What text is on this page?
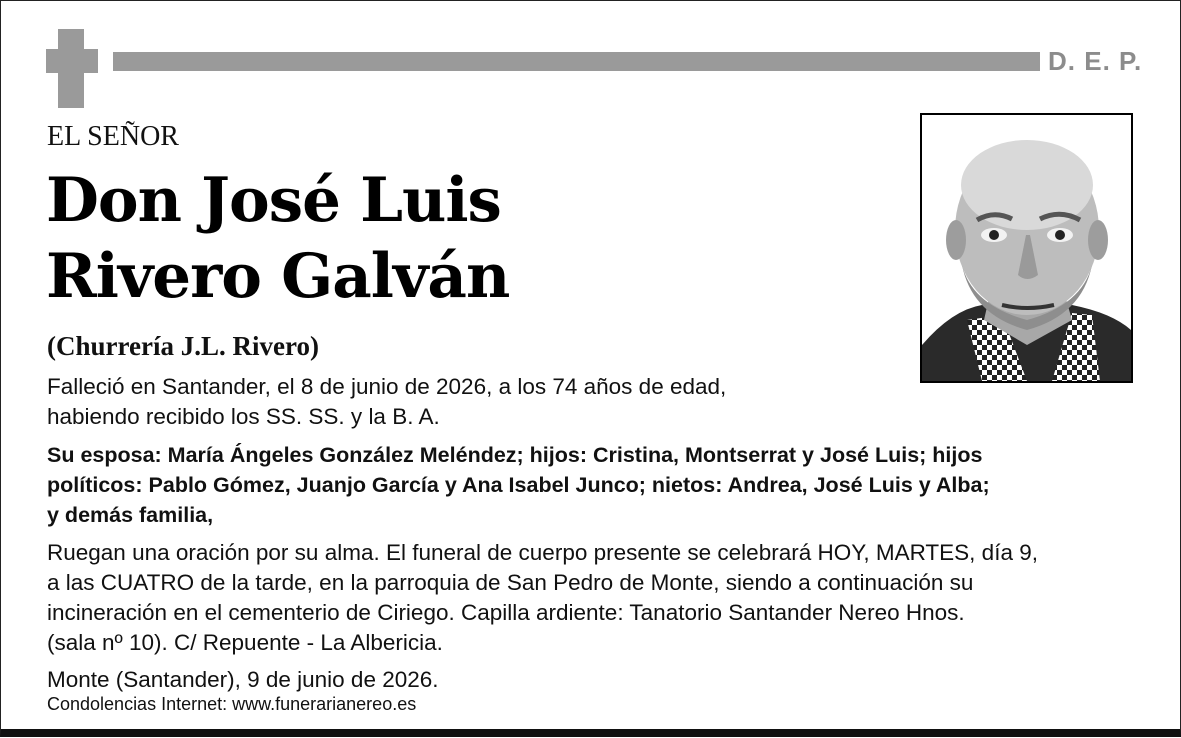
D. E. P.
EL SEÑOR
Don José Luis
Rivero Galván
(Churrería J.L. Rivero)
Falleció en Santander, el 8 de junio de 2026, a los 74 años de edad,
habiendo recibido los SS. SS. y la B. A.
Su esposa: María Ángeles González Meléndez; hijos: Cristina, Montserrat y José Luis; hijos
políticos: Pablo Gómez, Juanjo García y Ana Isabel Junco; nietos: Andrea, José Luis y Alba;
y demás familia,
Ruegan una oración por su alma. El funeral de cuerpo presente se celebrará HOY, MARTES, día 9,
a las CUATRO de la tarde, en la parroquia de San Pedro de Monte, siendo a continuación su
incineración en el cementerio de Ciriego. Capilla ardiente: Tanatorio Santander Nereo Hnos.
(sala nº 10). C/ Repuente - La Albericia.
Monte (Santander), 9 de junio de 2026.
Condolencias Internet: www.funerarianereo.es
